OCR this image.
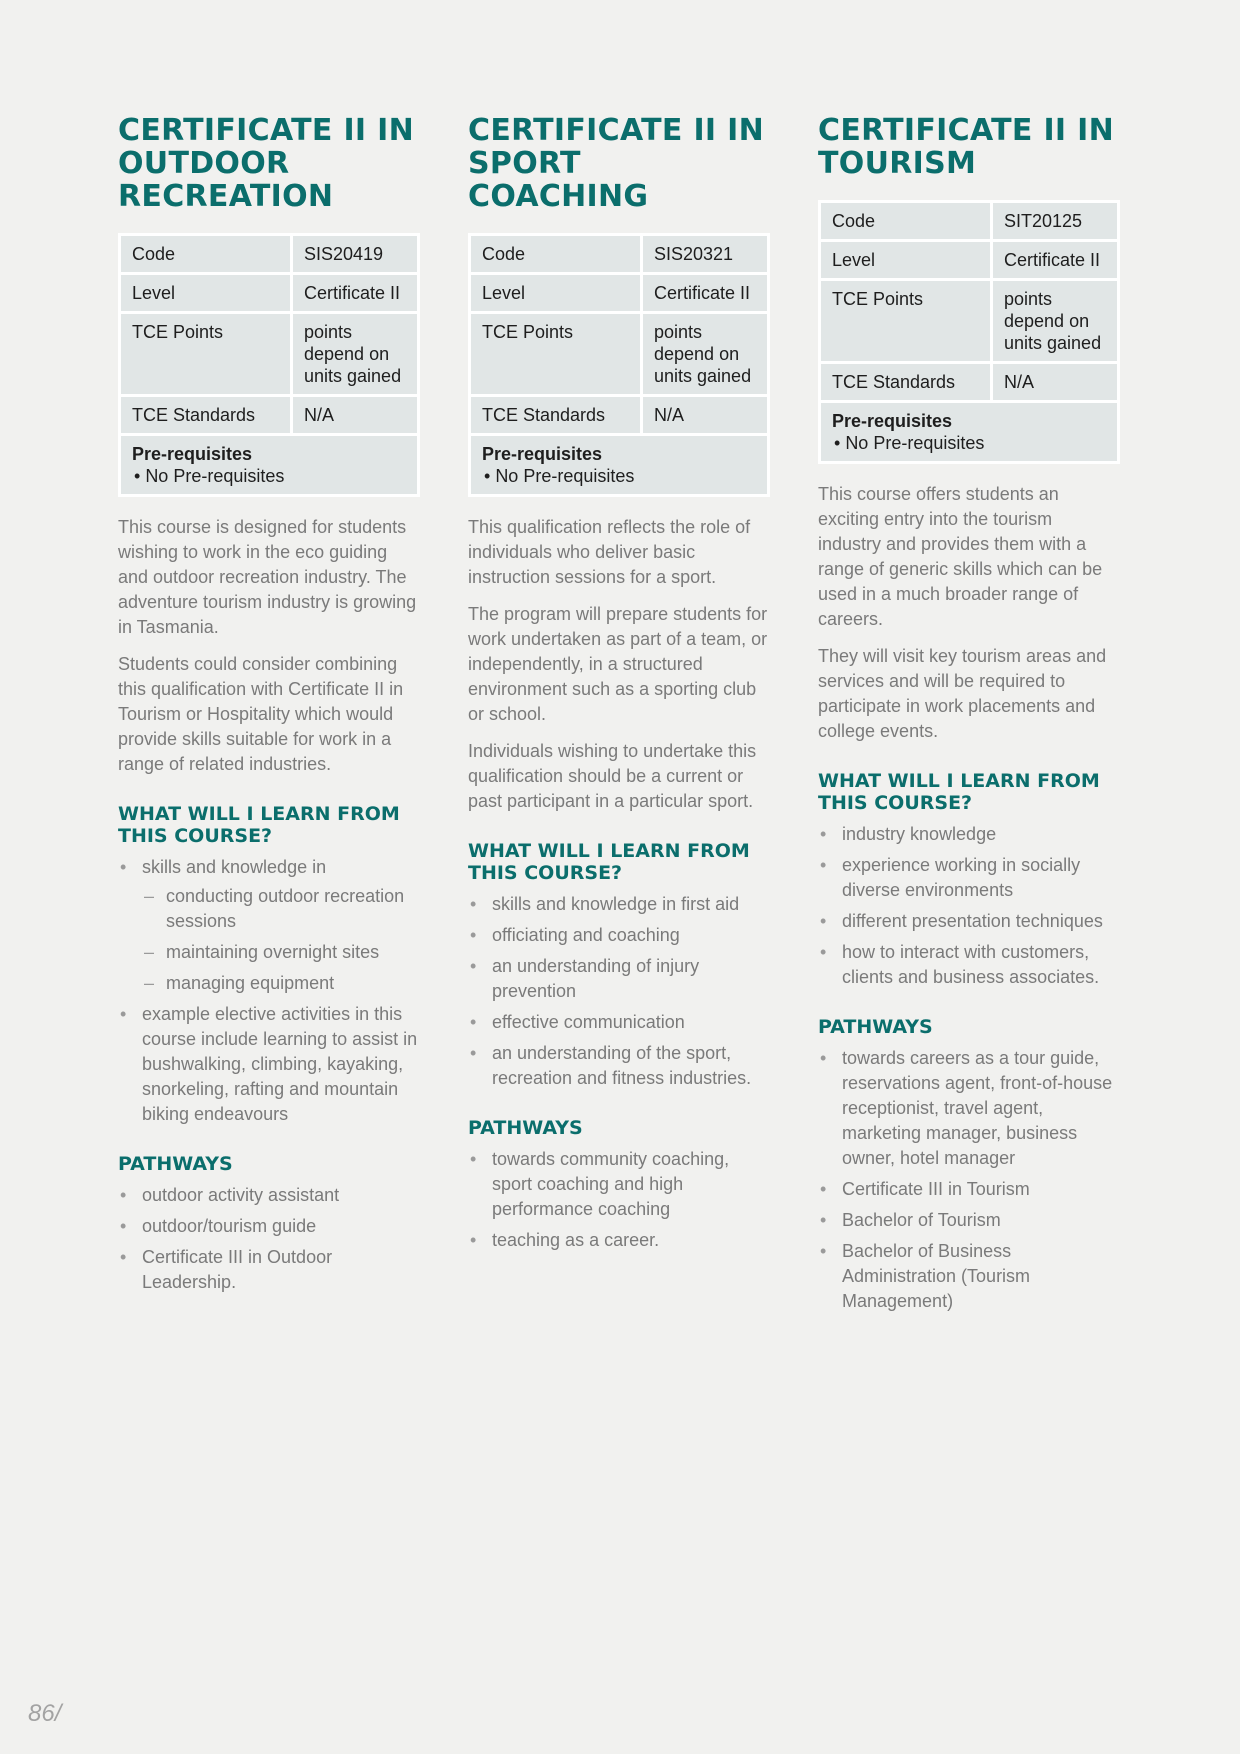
CERTIFICATE II IN OUTDOOR RECREATION
Code	SIS20419
Level	Certificate II
TCE Points	points depend on units gained
TCE Standards	N/A

Pre-requisites
• No Pre-requisites	

This course is designed for students wishing to work in the eco guiding and outdoor recreation industry. The adventure tourism industry is growing in Tasmania.

Students could consider combining this qualification with Certificate II in Tourism or Hospitality which would provide skills suitable for work in a range of related industries.

WHAT WILL I LEARN FROM THIS COURSE?
• skills and knowledge in
– conducting outdoor recreation sessions
– maintaining overnight sites
– managing equipment
• example elective activities in this course include learning to assist in bushwalking, climbing, kayaking, snorkeling, rafting and mountain biking endeavours
PATHWAYS
• outdoor activity assistant
• outdoor/tourism guide
• Certificate III in Outdoor Leadership.
CERTIFICATE II IN SPORT COACHING
Code	SIS20321
Level	Certificate II
TCE Points	points depend on units gained
TCE Standards	N/A

Pre-requisites
• No Pre-requisites	

This qualification reflects the role of individuals who deliver basic instruction sessions for a sport.

The program will prepare students for work undertaken as part of a team, or independently, in a structured environment such as a sporting club or school.

Individuals wishing to undertake this qualification should be a current or past participant in a particular sport.

WHAT WILL I LEARN FROM THIS COURSE?
• skills and knowledge in first aid
• officiating and coaching
• an understanding of injury prevention
• effective communication
• an understanding of the sport, recreation and fitness industries.
PATHWAYS
• towards community coaching, sport coaching and high performance coaching
• teaching as a career.
CERTIFICATE II IN TOURISM
Code	SIT20125
Level	Certificate II
TCE Points	points depend on units gained
TCE Standards	N/A

Pre-requisites
• No Pre-requisites	

This course offers students an exciting entry into the tourism industry and provides them with a range of generic skills which can be used in a much broader range of careers.

They will visit key tourism areas and services and will be required to participate in work placements and college events.

WHAT WILL I LEARN FROM THIS COURSE?
• industry knowledge
• experience working in socially diverse environments
• different presentation techniques
• how to interact with customers, clients and business associates.
PATHWAYS
• towards careers as a tour guide, reservations agent, front-of-house receptionist, travel agent, marketing manager, business owner, hotel manager
• Certificate III in Tourism
• Bachelor of Tourism
• Bachelor of Business Administration (Tourism Management)
86/
